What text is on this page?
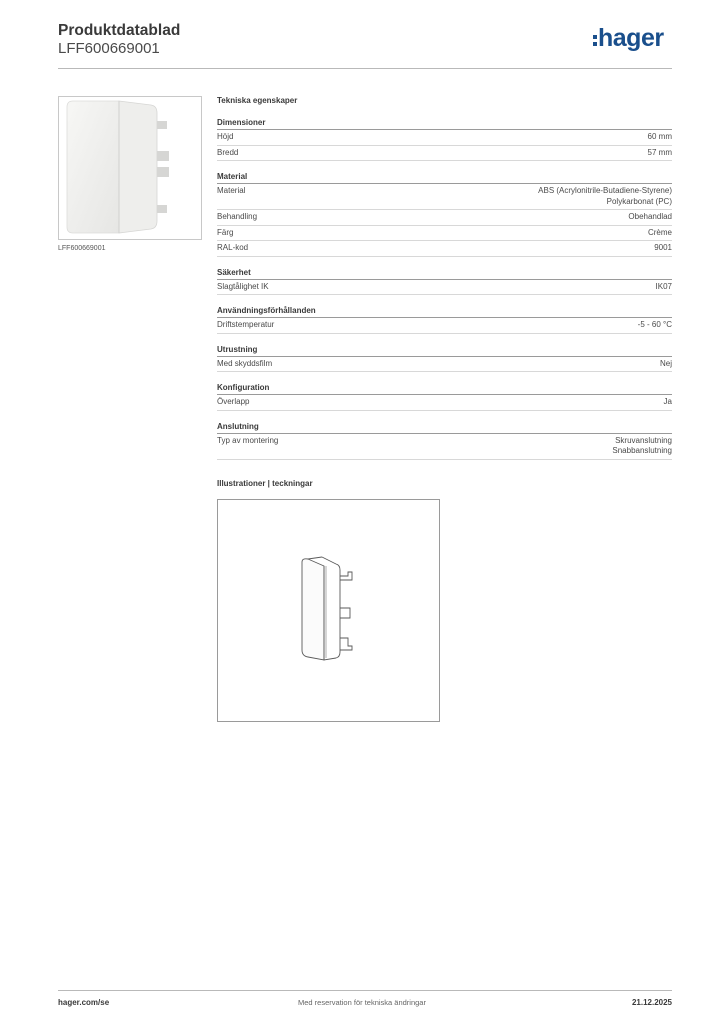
Produktdatablad
LFF600669001	hager
LFF600669001
Tekniska egenskaper
Dimensioner
Höjd	60 mm
Bredd	57 mm
Material
Material	ABS (Acrylonitrile-Butadiene-Styrene)
Polykarbonat (PC)
Behandling	Obehandlad
Färg	Crème
RAL-kod	9001
Säkerhet
Slagtålighet IK	IK07
Användningsförhållanden
Driftstemperatur	-5 - 60 °C
Utrustning
Med skyddsfilm	Nej
Konfiguration
Överlapp	Ja
Anslutning
Typ av montering	Skruvanslutning
Snabbanslutning
Illustrationer | teckningar
hager.com/se	Med reservation för tekniska ändringar	21.12.2025
